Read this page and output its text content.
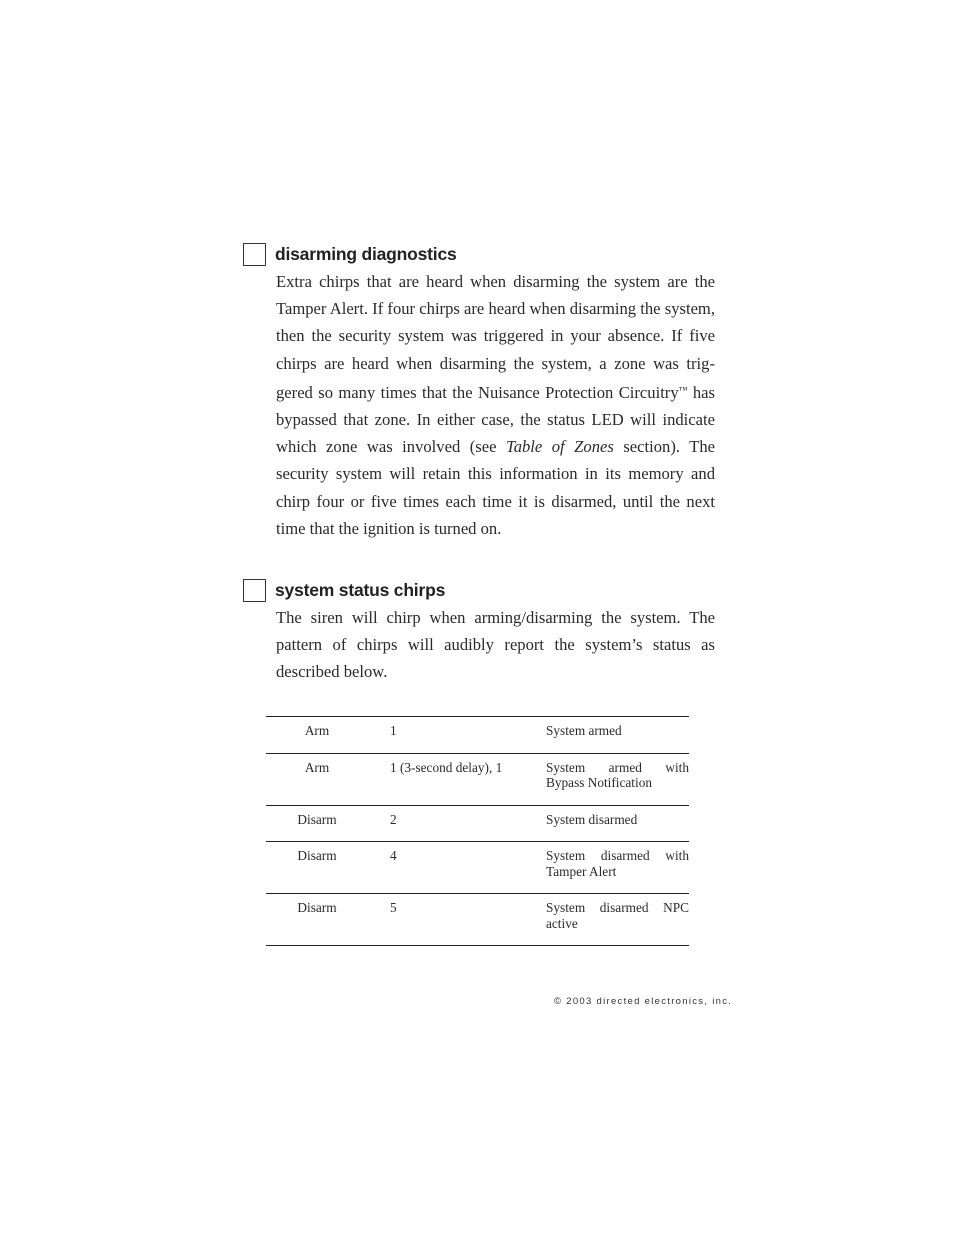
disarming diagnostics
Extra chirps that are heard when disarming the system are the Tamper Alert. If four chirps are heard when disarming the system, then the security system was triggered in your absence. If five chirps are heard when disarming the system, a zone was trig-gered so many times that the Nuisance Protection Circuitry™ has bypassed that zone. In either case, the status LED will indicate which zone was involved (see Table of Zones section). The security system will retain this information in its memory and chirp four or five times each time it is disarmed, until the next time that the ignition is turned on.
system status chirps
The siren will chirp when arming/disarming the system. The pattern of chirps will audibly report the system’s status as described below.
Arm	1	System armed

Arm	1 (3-second delay), 1	System armed with Bypass Notification

Disarm	2	System disarmed

Disarm	4	System disarmed with Tamper Alert

Disarm	5	System disarmed NPC active
© 2003 directed electronics, inc.
